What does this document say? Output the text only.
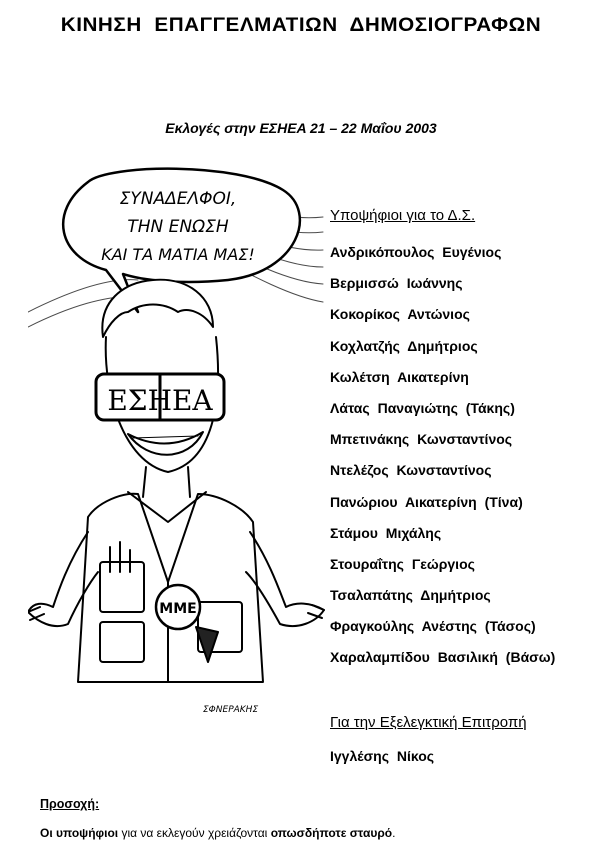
ΚΙΝΗΣΗ ΕΠΑΓΓΕΛΜΑΤΙΩΝ ΔΗΜΟΣΙΟΓΡΑΦΩΝ
Εκλογές στην ΕΣΗΕΑ 21 – 22 Μαΐου 2003
ΣΥΝΑΔΕΛΦΟΙ,
ΤΗΝ ΕΝΩΣΗ
ΚΑΙ ΤΑ ΜΑΤΙΑ ΜΑΣ!
ΕΣΗΕΑ
ΜΜΕ
ΣΦΝΕΡΑΚΗΣ
Υποψήφιοι για το Δ.Σ.
Ανδρικόπουλος Ευγένιος
Βερμισσώ Ιωάννης
Κοκορίκος Αντώνιος
Κοχλατζής Δημήτριος
Κωλέτση Αικατερίνη
Λάτας Παναγιώτης (Τάκης)
Μπετινάκης Κωνσταντίνος
Ντελέζος Κωνσταντίνος
Πανώριου Αικατερίνη (Τίνα)
Στάμου Μιχάλης
Στουραΐτης Γεώργιος
Τσαλαπάτης Δημήτριος
Φραγκούλης Ανέστης (Τάσος)
Χαραλαμπίδου Βασιλική (Βάσω)
Για την Εξελεγκτική Επιτροπή
Ιγγλέσης Νίκος
Προσοχή:
Οι υποψήφιοι για να εκλεγούν χρειάζονται οπωσδήποτε σταυρό.
